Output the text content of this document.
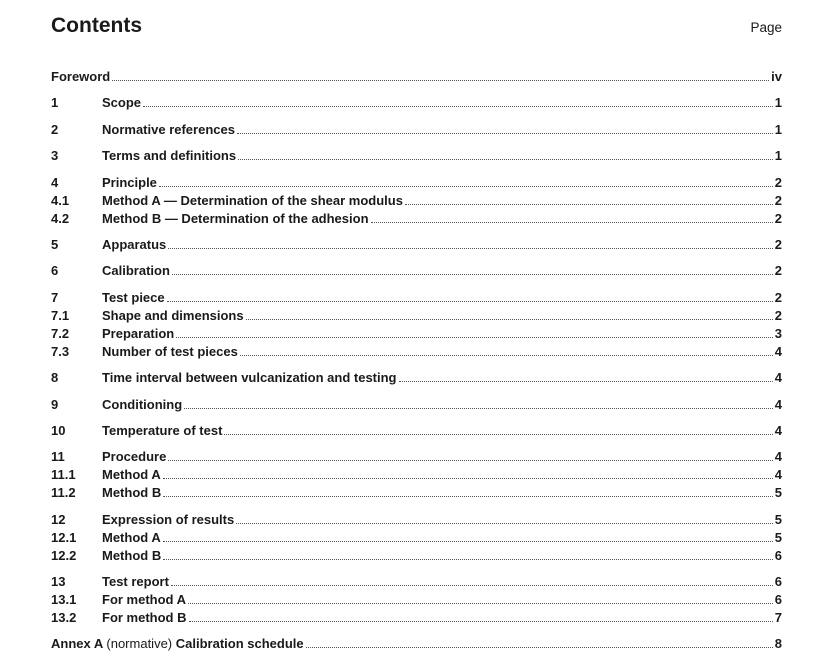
Contents	Page
Foreword	iv
1	Scope	1
2	Normative references	1
3	Terms and definitions	1
4	Principle	2
4.1	Method A — Determination of the shear modulus	2
4.2	Method B — Determination of the adhesion	2
5	Apparatus	2
6	Calibration	2
7	Test piece	2
7.1	Shape and dimensions	2
7.2	Preparation	3
7.3	Number of test pieces	4
8	Time interval between vulcanization and testing	4
9	Conditioning	4
10	Temperature of test	4
11	Procedure	4
11.1	Method A	4
11.2	Method B	5
12	Expression of results	5
12.1	Method A	5
12.2	Method B	6
13	Test report	6
13.1	For method A	6
13.2	For method B	7
Annex A (normative) Calibration schedule	8
